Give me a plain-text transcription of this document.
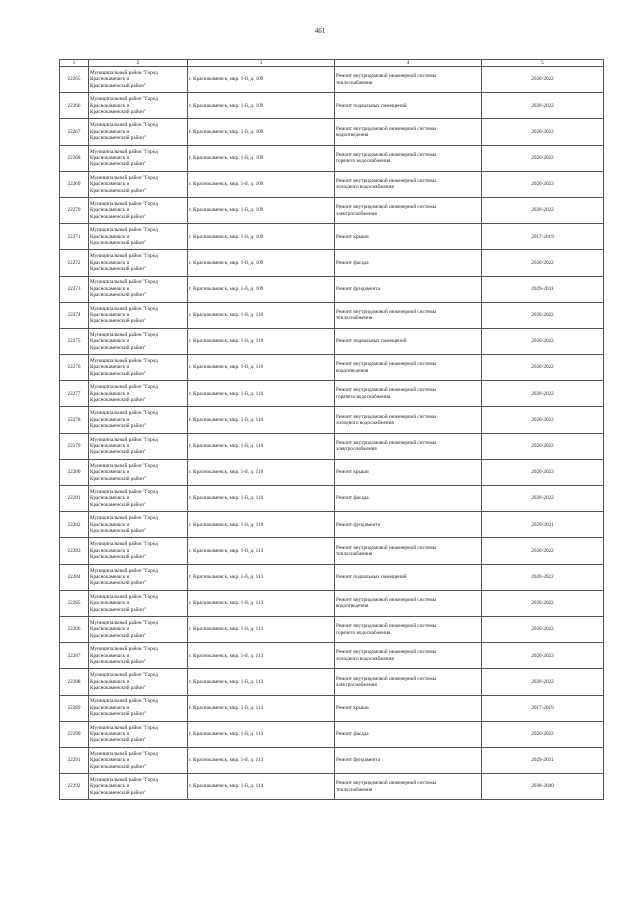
461
1	2	3	4	5
22265	Муниципальный район "Город
Краснокамешск и
Краснокаменский район"	г. Краснокаменск, мкр. 1-й, д. 109	Ремонт внутридомовой инженерной системы
теплоснабжения	2020-2022
22266	Муниципальный район "Город
Краснокамешск и
Краснокаменский район"	г. Краснокаменск, мкр. 1-й, д. 109	Ремонт подвальных помещений	2020-2022
22267	Муниципальный район "Город
Краснокамешск и
Краснокаменский район"	г. Краснокаменск, мкр. 1-й, д. 109	Ремонт внутридомовой инженерной системы
водоотведения	2020-2022
22268	Муниципальный район "Город
Краснокамешск и
Краснокаменский район"	г. Краснокаменск, мкр. 1-й, д. 109	Ремонт внутридомовой инженерной системы
горячего водоснабжения	2020-2022
22269	Муниципальный район "Город
Краснокамешск и
Краснокаменский район"	г. Краснокаменск, мкр. 1-й, д. 109	Ремонт внутридомовой инженерной системы
холодного водоснабжения	2020-2022
22270	Муниципальный район "Город
Краснокамешск и
Краснокаменский район"	г. Краснокаменск, мкр. 1-й, д. 109	Ремонт внутридомовой инженерной системы
электроснабжения	2020-2022
22271	Муниципальный район "Город
Краснокамешск и
Краснокаменский район"	г. Краснокаменск, мкр. 1-й, д. 109	Ремонт крыши	2017-2019
22272	Муниципальный район "Город
Краснокамешск и
Краснокаменский район"	г. Краснокаменск, мкр. 1-й, д. 109	Ремонт фасада	2020-2022
22273	Муниципальный район "Город
Краснокамешск и
Краснокаменский район"	г. Краснокаменск, мкр. 1-й, д. 109	Ремонт фундамента	2029-2031
22274	Муниципальный район "Город
Краснокамешск и
Краснокаменский район"	г. Краснокаменск, мкр. 1-й, д. 110	Ремонт внутридомовой инженерной системы
теплоснабжения	2020-2022
22275	Муниципальный район "Город
Краснокамешск и
Краснокаменский район"	г. Краснокаменск, мкр. 1-й, д. 110	Ремонт подвальных помещений	2020-2022
22276	Муниципальный район "Город
Краснокамешск и
Краснокаменский район"	г. Краснокаменск, мкр. 1-й, д. 110	Ремонт внутридомовой инженерной системы
водоотведения	2020-2022
22277	Муниципальный район "Город
Краснокамешск и
Краснокаменский район"	г. Краснокаменск, мкр. 1-й, д. 110	Ремонт внутридомовой инженерной системы
горячего водоснабжения	2020-2022
22278	Муниципальный район "Город
Краснокамешск и
Краснокаменский район"	г. Краснокаменск, мкр. 1-й, д. 110	Ремонт внутридомовой инженерной системы
холодного водоснабжения	2020-2022
22279	Муниципальный район "Город
Краснокамешск и
Краснокаменский район"	г. Краснокаменск, мкр. 1-й, д. 110	Ремонт внутридомовой инженерной системы
электроснабжения	2020-2022
22280	Муниципальный район "Город
Краснокамешск и
Краснокаменский район"	г. Краснокаменск, мкр. 1-й, д. 110	Ремонт крыши	2020-2022
22281	Муниципальный район "Город
Краснокамешск и
Краснокаменский район"	г. Краснокаменск, мкр. 1-й, д. 110	Ремонт фасада	2020-2022
22282	Муниципальный район "Город
Краснокамешск и
Краснокаменский район"	г. Краснокаменск, мкр. 1-й, д. 110	Ремонт фундамента	2029-2031
22283	Муниципальный район "Город
Краснокамешск и
Краснокаменский район"	г. Краснокаменск, мкр. 1-й, д. 113	Ремонт внутридомовой инженерной системы
теплоснабжения	2020-2022
22284	Муниципальный район "Город
Краснокамешск и
Краснокаменский район"	г. Краснокаменск, мкр. 1-й, д. 113	Ремонт подвальных помещений	2020-2022
22285	Муниципальный район "Город
Краснокамешск и
Краснокаменский район"	г. Краснокаменск, мкр. 1-й, д. 113	Ремонт внутридомовой инженерной системы
водоотведения	2020-2022
22286	Муниципальный район "Город
Краснокамешск и
Краснокаменский район"	г. Краснокаменск, мкр. 1-й, д. 113	Ремонт внутридомовой инженерной системы
горячего водоснабжения	2020-2022
22287	Муниципальный район "Город
Краснокамешск и
Краснокаменский район"	г. Краснокаменск, мкр. 1-й, д. 113	Ремонт внутридомовой инженерной системы
холодного водоснабжения	2020-2022
22288	Муниципальный район "Город
Краснокамешск и
Краснокаменский район"	г. Краснокаменск, мкр. 1-й, д. 113	Ремонт внутридомовой инженерной системы
электроснабжения	2020-2022
22289	Муниципальный район "Город
Краснокамешск и
Краснокаменский район"	г. Краснокаменск, мкр. 1-й, д. 113	Ремонт крыши	2017-2019
22290	Муниципальный район "Город
Краснокамешск и
Краснокаменский район"	г. Краснокаменск, мкр. 1-й, д. 113	Ремонт фасада	2020-2022
22291	Муниципальный район "Город
Краснокамешск и
Краснокаменский район"	г. Краснокаменск, мкр. 1-й, д. 113	Ремонт фундамента	2029-2031
22292	Муниципальный район "Город
Краснокамешск и
Краснокаменский район"	г. Краснокаменск, мкр. 1-й, д. 114	Ремонт внутридомовой инженерной системы
теплоснабжения	2038-2040
